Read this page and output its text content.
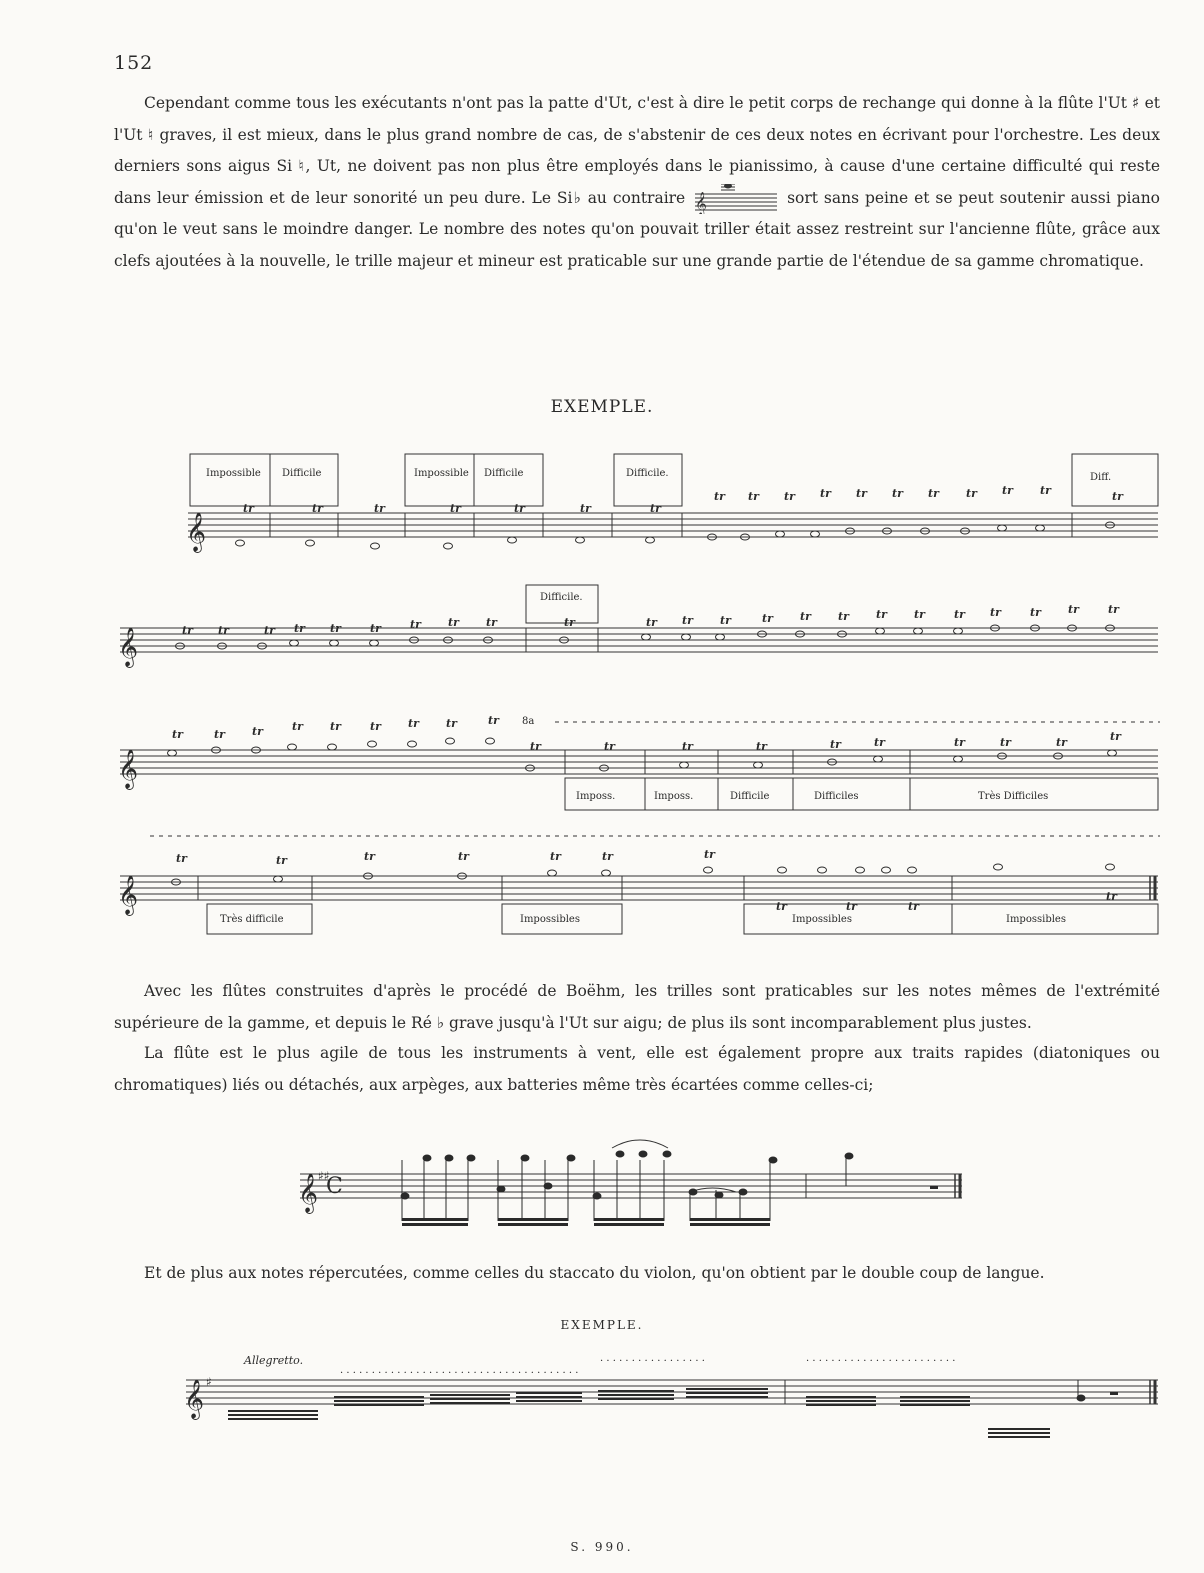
152

Cependant comme tous les exécutants n'ont pas la patte d'Ut, c'est à dire le petit corps de rechange qui donne à la flûte l'Ut ♯ et l'Ut ♮ graves, il est mieux, dans le plus grand nombre de cas, de s'abstenir de ces deux notes en écrivant pour l'orchestre. Les deux derniers sons aigus Si ♮, Ut, ne doivent pas non plus être employés dans le pianissimo, à cause d'une certaine difficulté qui reste dans leur émission et de leur sonorité un peu dure. Le Si♭ au contraire 𝄞	sort sans peine et se peut soutenir aussi piano qu'on le veut sans le moindre danger. Le nombre des notes qu'on pouvait triller était assez restreint sur l'ancienne flûte, grâce aux clefs ajoutées à la nouvelle, le trille majeur et mineur est praticable sur une grande partie de l'étendue de sa gamme chromatique.

EXEMPLE.
𝄞
𝄞
𝄞
𝄞
𝄞
𝄞
C
♯♯
♯
· · · · · · · · · · · · · · · · · · · · · · · · · · · · · · · · · · · · · ·
· · · · · · · · · · · · · · · · ·	· · · · · · · · · · · · · · · · · · · · · · · ·
tr	tr	tr	tr	tr	tr	tr
tr tr tr tr tr tr tr tr tr tr	tr
tr tr	tr tr tr	tr	tr tr tr	tr	tr tr tr	tr tr tr tr tr	tr tr	tr tr	tr
tr	tr tr	tr tr	tr tr tr	tr
tr	tr	tr	tr	tr	tr	tr	tr	tr	tr
tr	tr	tr	tr	tr	tr	tr
tr	tr	tr
tr
8a
Impossible Difficile	Impossible Difficile	Difficile.	Diff.
Difficile.
Imposs.	Imposs.	Difficile	Difficiles	Très Difficiles
Très difficile	Impossibles	Impossibles	Impossibles

Avec les flûtes construites d'après le procédé de Boëhm, les trilles sont praticables sur les notes mêmes de l'extrémité supérieure de la gamme, et depuis le Ré ♭ grave jusqu'à l'Ut sur aigu; de plus ils sont incomparablement plus justes.

La flûte est le plus agile de tous les instruments à vent, elle est également propre aux traits rapides (diatoniques ou chromatiques) liés ou détachés, aux arpèges, aux batteries même très écartées comme celles-ci;

Et de plus aux notes répercutées, comme celles du staccato du violon, qu'on obtient par le double coup de langue.

EXEMPLE.
Allegretto.
S. 990.
